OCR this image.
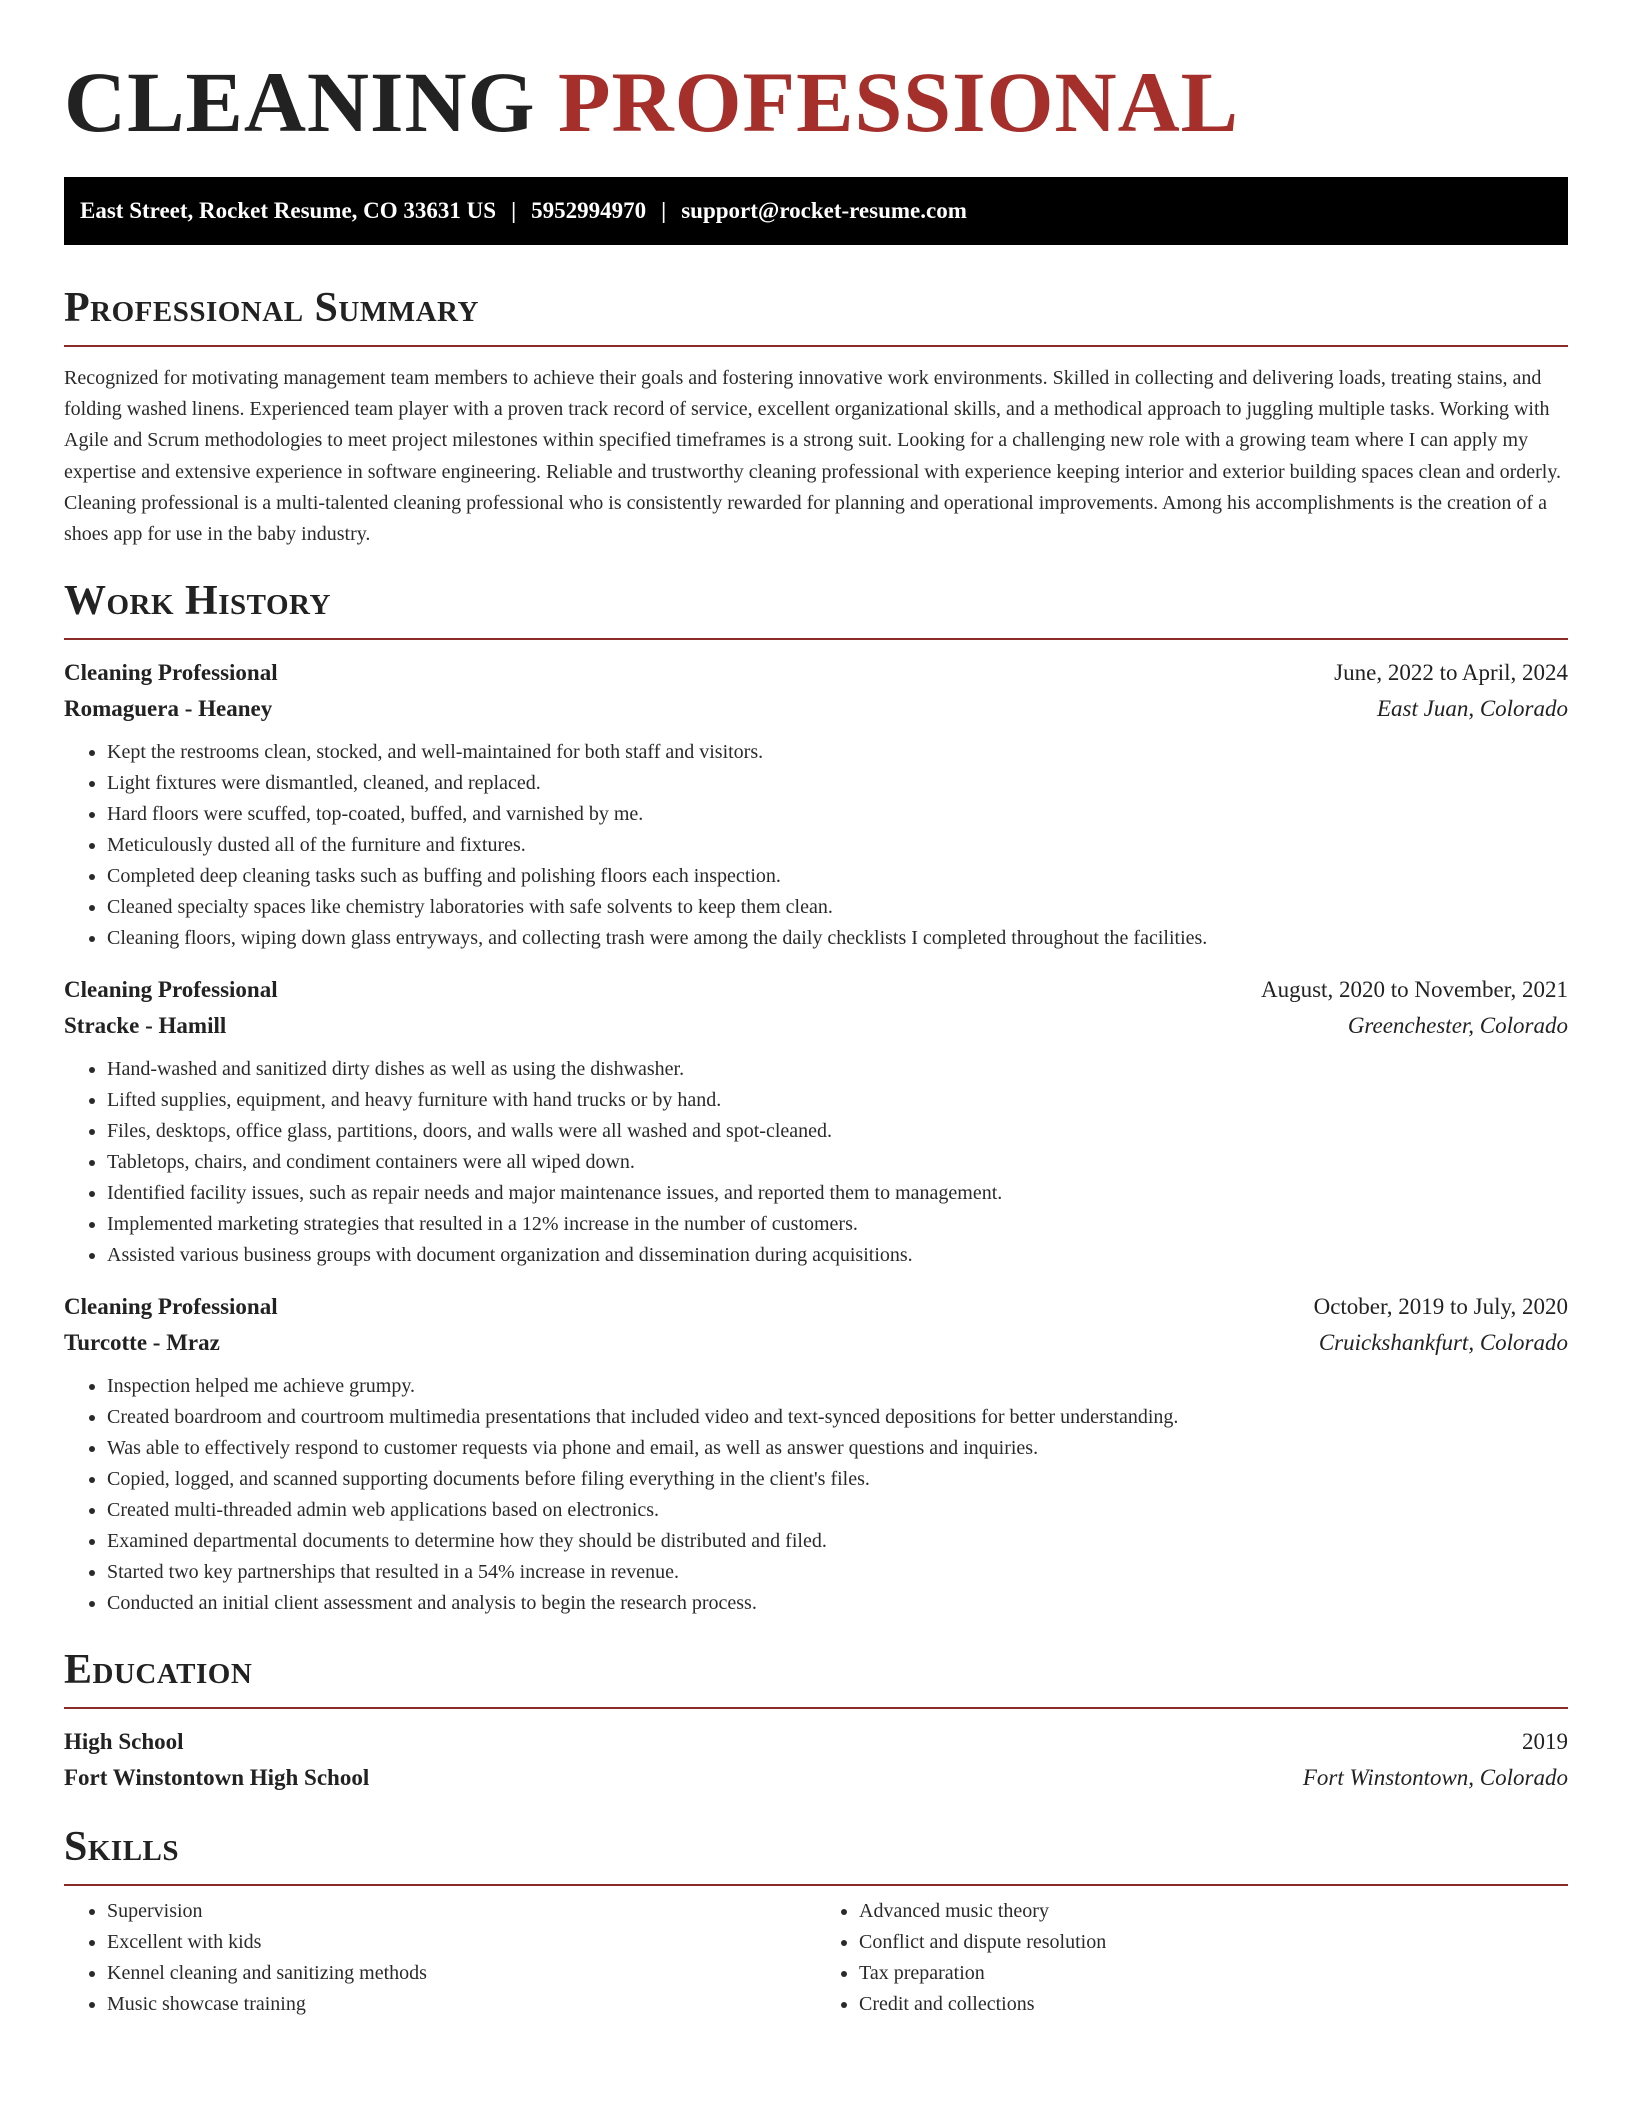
CLEANING PROFESSIONAL
East Street, Rocket Resume, CO 33631 US | 5952994970 | support@rocket-resume.com
Professional Summary

Recognized for motivating management team members to achieve their goals and fostering innovative work environments. Skilled in collecting and delivering loads, treating stains, and folding washed linens. Experienced team player with a proven track record of service, excellent organizational skills, and a methodical approach to juggling multiple tasks. Working with Agile and Scrum methodologies to meet project milestones within specified timeframes is a strong suit. Looking for a challenging new role with a growing team where I can apply my expertise and extensive experience in software engineering. Reliable and trustworthy cleaning professional with experience keeping interior and exterior building spaces clean and orderly. Cleaning professional is a multi-talented cleaning professional who is consistently rewarded for planning and operational improvements. Among his accomplishments is the creation of a shoes app for use in the baby industry.

Work History
Cleaning Professional	June, 2022 to April, 2024
Romaguera - Heaney	East Juan, Colorado
• Kept the restrooms clean, stocked, and well-maintained for both staff and visitors.
• Light fixtures were dismantled, cleaned, and replaced.
• Hard floors were scuffed, top-coated, buffed, and varnished by me.
• Meticulously dusted all of the furniture and fixtures.
• Completed deep cleaning tasks such as buffing and polishing floors each inspection.
• Cleaned specialty spaces like chemistry laboratories with safe solvents to keep them clean.
• Cleaning floors, wiping down glass entryways, and collecting trash were among the daily checklists I completed throughout the facilities.
Cleaning Professional	August, 2020 to November, 2021
Stracke - Hamill	Greenchester, Colorado
• Hand-washed and sanitized dirty dishes as well as using the dishwasher.
• Lifted supplies, equipment, and heavy furniture with hand trucks or by hand.
• Files, desktops, office glass, partitions, doors, and walls were all washed and spot-cleaned.
• Tabletops, chairs, and condiment containers were all wiped down.
• Identified facility issues, such as repair needs and major maintenance issues, and reported them to management.
• Implemented marketing strategies that resulted in a 12% increase in the number of customers.
• Assisted various business groups with document organization and dissemination during acquisitions.
Cleaning Professional	October, 2019 to July, 2020
Turcotte - Mraz	Cruickshankfurt, Colorado
• Inspection helped me achieve grumpy.
• Created boardroom and courtroom multimedia presentations that included video and text-synced depositions for better understanding.
• Was able to effectively respond to customer requests via phone and email, as well as answer questions and inquiries.
• Copied, logged, and scanned supporting documents before filing everything in the client's files.
• Created multi-threaded admin web applications based on electronics.
• Examined departmental documents to determine how they should be distributed and filed.
• Started two key partnerships that resulted in a 54% increase in revenue.
• Conducted an initial client assessment and analysis to begin the research process.
Education
High School	2019
Fort Winstontown High School	Fort Winstontown, Colorado
Skills
• Supervision
• Excellent with kids
• Kennel cleaning and sanitizing methods
• Music showcase training
• Advanced music theory
• Conflict and dispute resolution
• Tax preparation
• Credit and collections
